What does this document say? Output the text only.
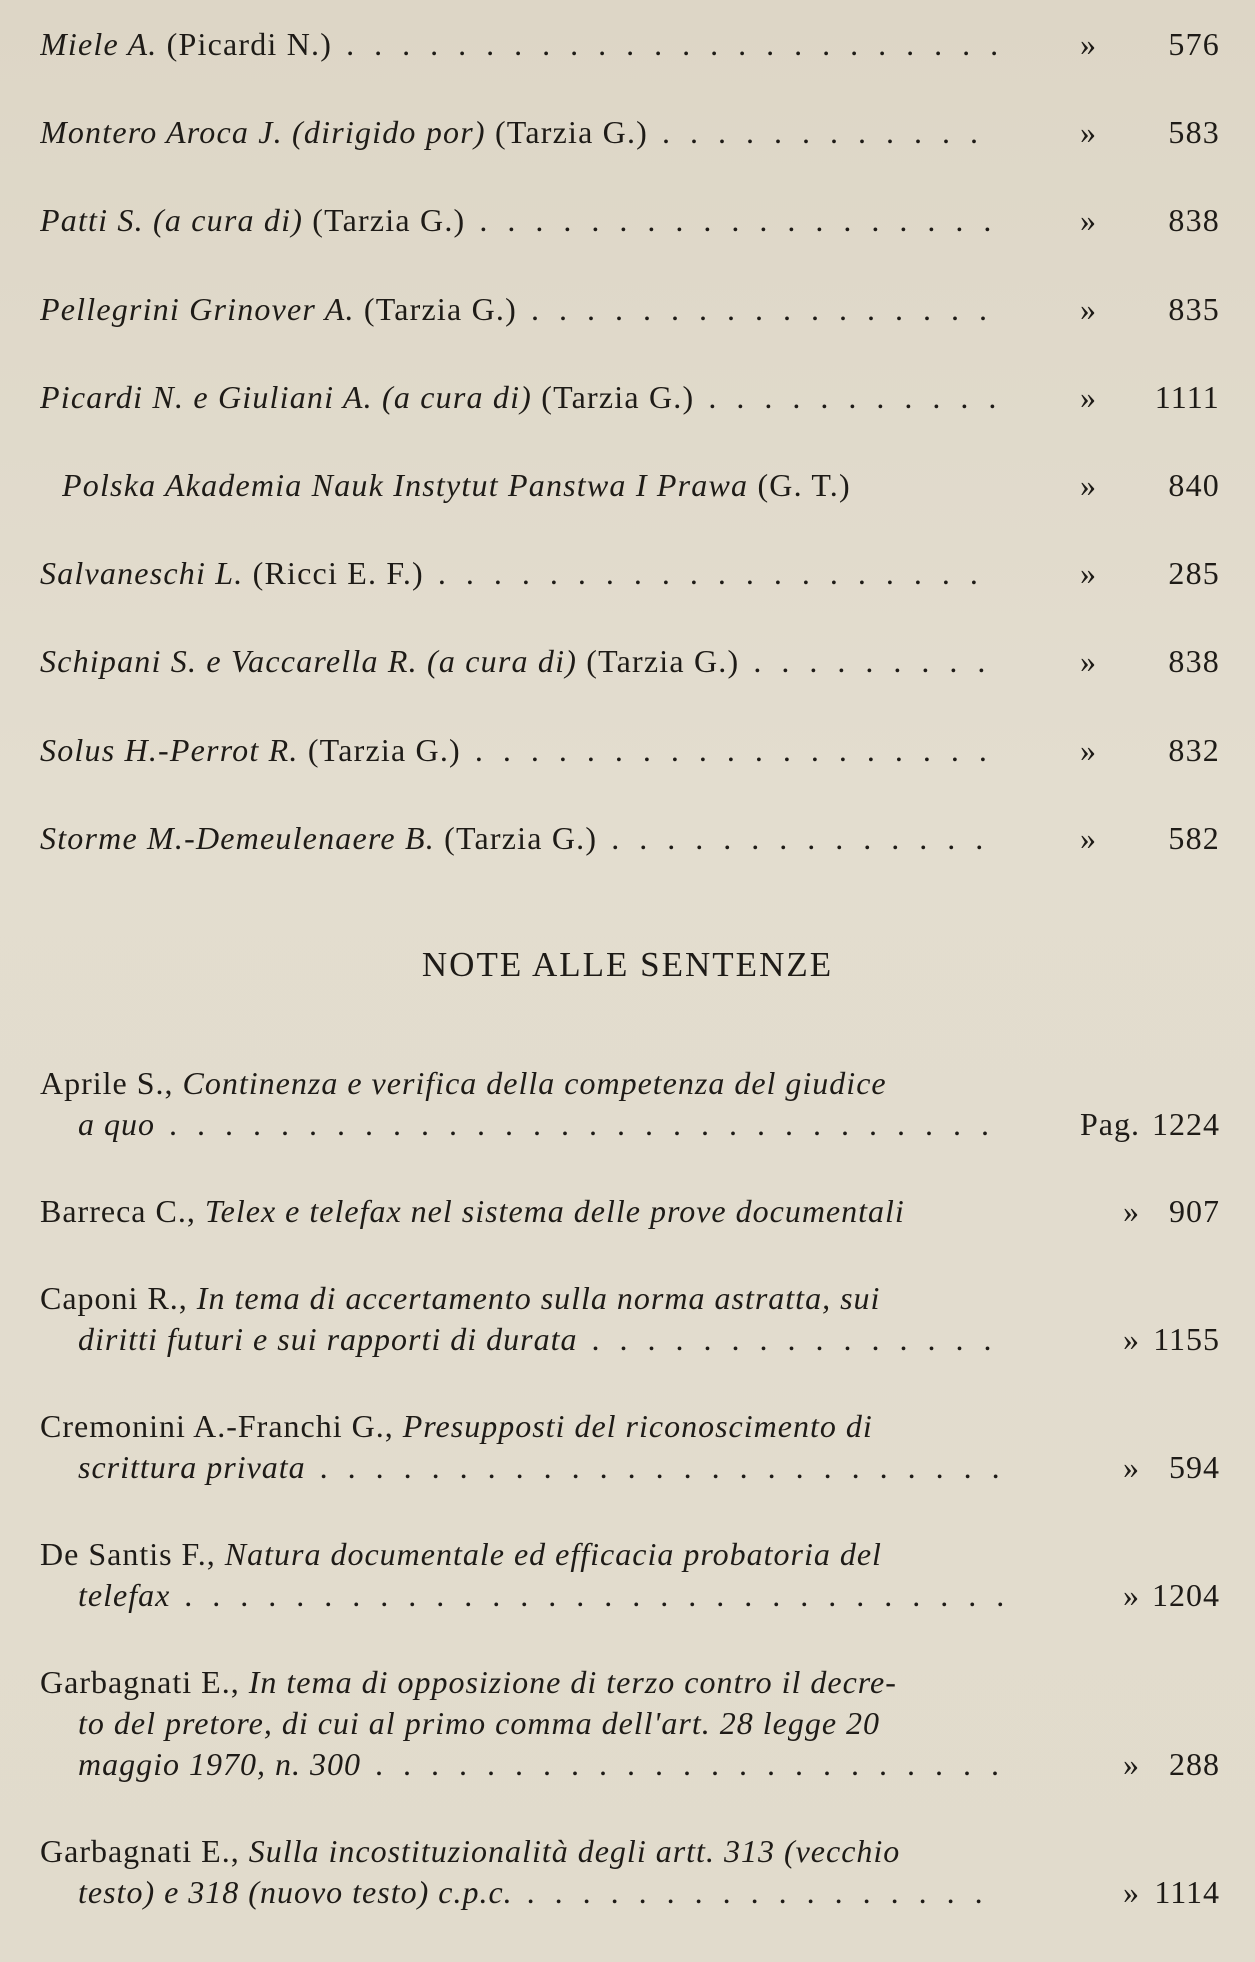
Miele A. (Picardi N.) . . .	» 576
Montero Aroca J. (dirigido por) (Tarzia G.) . . .	» 583
Patti S. (a cura di) (Tarzia G.) . . .	» 838
Pellegrini Grinover A. (Tarzia G.) . . .	» 835
Picardi N. e Giuliani A. (a cura di) (Tarzia G.) . . .	» 1111
Polska Akademia Nauk Instytut Panstwa I Prawa (G. T.)	» 840
Salvaneschi L. (Ricci E. F.) . . .	» 285
Schipani S. e Vaccarella R. (a cura di) (Tarzia G.) . . .	» 838
Solus H.-Perrot R. (Tarzia G.) . . .	» 832
Storme M.-Demeulenaere B. (Tarzia G.) . . .	» 582
NOTE ALLE SENTENZE
Aprile S., Continenza e verifica della competenza del giudice
a quo . . .	Pag. 1224
Barreca C., Telex e telefax nel sistema delle prove documentali	» 907
Caponi R., In tema di accertamento sulla norma astratta, sui
diritti futuri e sui rapporti di durata . . .	» 1155
Cremonini A.-Franchi G., Presupposti del riconoscimento di
scrittura privata . . .	» 594
De Santis F., Natura documentale ed efficacia probatoria del
telefax . . .	» 1204
Garbagnati E., In tema di opposizione di terzo contro il decre-
to del pretore, di cui al primo comma dell'art. 28 legge 20
maggio 1970, n. 300 . . .	» 288
Garbagnati E., Sulla incostituzionalità degli artt. 313 (vecchio
testo) e 318 (nuovo testo) c.p.c. . . .	» 1114
